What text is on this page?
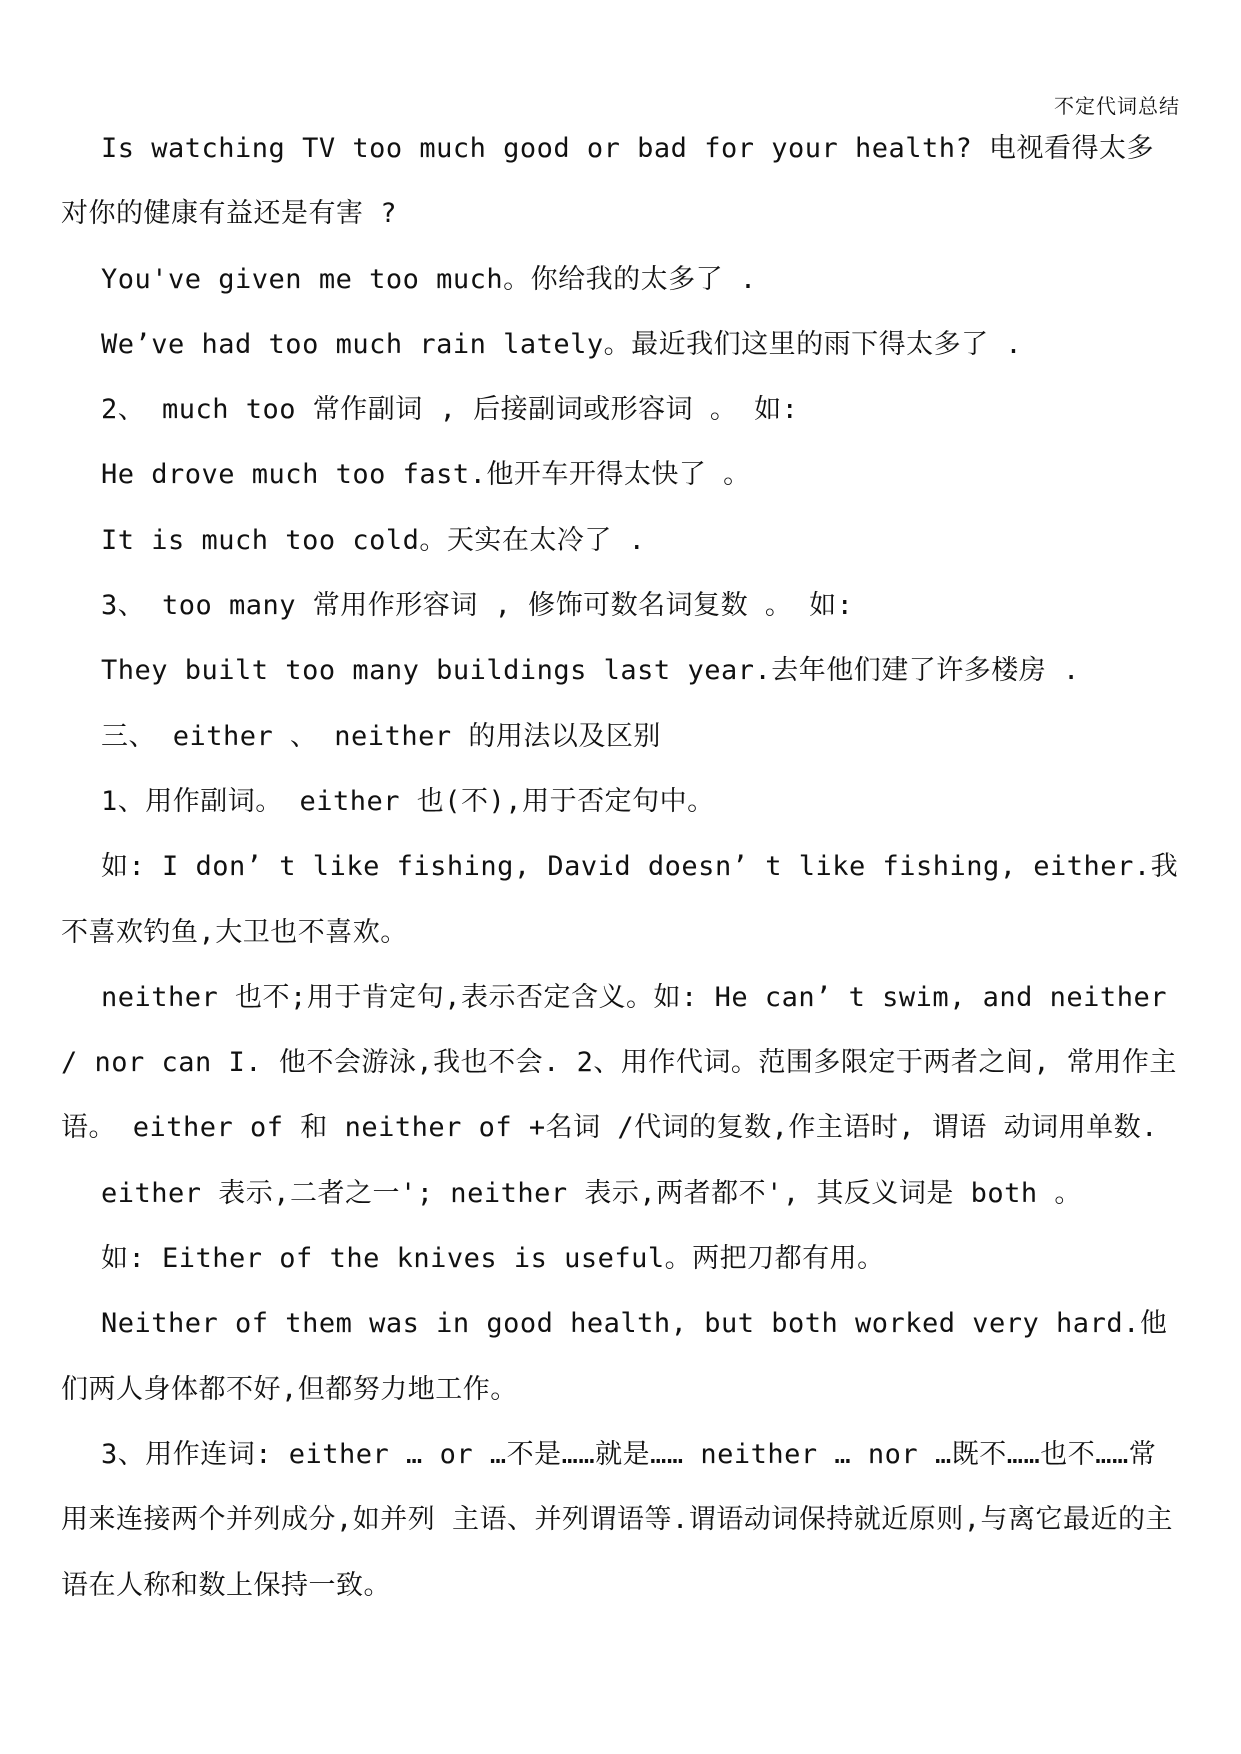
不定代词总结

Is watching TV too much good or bad for your health? 电视看得太多对你的健康有益还是有害 ?

You've given me too much。你给我的太多了 .

We’ve had too much rain lately。最近我们这里的雨下得太多了 .

2、 much too 常作副词 , 后接副词或形容词 。 如:

He drove much too fast.他开车开得太快了 。

It is much too cold。天实在太冷了 .

3、 too many 常用作形容词 , 修饰可数名词复数 。 如:

They built too many buildings last year.去年他们建了许多楼房 .

三、 either 、 neither 的用法以及区别

1、用作副词。 either 也(不),用于否定句中。

如: I don’ t like fishing, David doesn’ t like fishing, either.我不喜欢钓鱼,大卫也不喜欢。

neither 也不;用于肯定句,表示否定含义。如: He can’ t swim, and neither / nor can I. 他不会游泳,我也不会. 2、用作代词。范围多限定于两者之间, 常用作主语。 either of 和 neither of +名词 /代词的复数,作主语时, 谓语 动词用单数.

either 表示,二者之一'; neither 表示,两者都不', 其反义词是 both 。

如: Either of the knives is useful。两把刀都有用。

Neither of them was in good health, but both worked very hard.他们两人身体都不好,但都努力地工作。

3、用作连词: either … or …不是……就是…… neither … nor …既不……也不……常用来连接两个并列成分,如并列 主语、并列谓语等.谓语动词保持就近原则,与离它最近的主语在人称和数上保持一致。
